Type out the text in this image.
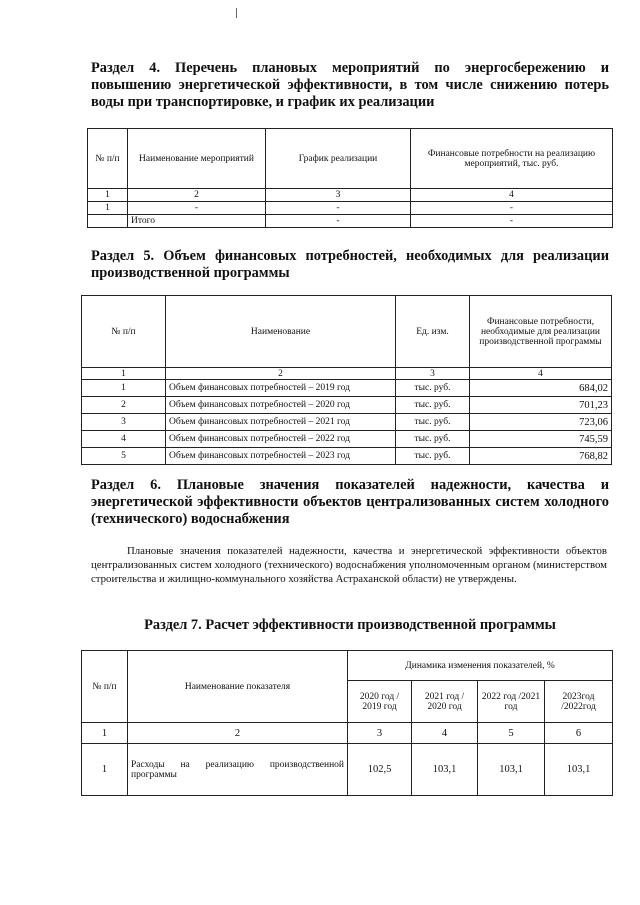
Раздел 4. Перечень плановых мероприятий по энергосбережению и повышению энергетической эффективности, в том числе снижению потерь воды при транспортировке, и график их реализации
№ п/п	Наименование мероприятий	График реализации	Финансовые потребности на реализацию мероприятий, тыс. руб.
1	2	3	4
1	-	-	-
	Итого	-	-
Раздел 5. Объем финансовых потребностей, необходимых для реализации производственной программы
№ п/п	Наименование	Ед. изм.	Финансовые потребности, необходимые для реализации производственной программы
1	2	3	4
1	Объем финансовых потребностей – 2019 год	тыс. руб.	684,02
2	Объем финансовых потребностей – 2020 год	тыс. руб.	701,23
3	Объем финансовых потребностей – 2021 год	тыс. руб.	723,06
4	Объем финансовых потребностей – 2022 год	тыс. руб.	745,59
5	Объем финансовых потребностей – 2023 год	тыс. руб.	768,82
Раздел 6. Плановые значения показателей надежности, качества и энергетической эффективности объектов централизованных систем холодного (технического) водоснабжения
Плановые значения показателей надежности, качества и энергетической эффективности объектов централизованных систем холодного (технического) водоснабжения уполномоченным органом (министерством строительства и жилищно-коммунального хозяйства Астраханской области) не утверждены.
Раздел 7. Расчет эффективности производственной программы
№ п/п	Наименование показателя	Динамика изменения показателей, %			
		2020 год / 2019 год	2021 год / 2020 год	2022 год /2021 год	2023год /2022год
1	2	3	4	5	6
1	Расходы на реализацию производственной программы	102,5	103,1	103,1	103,1
